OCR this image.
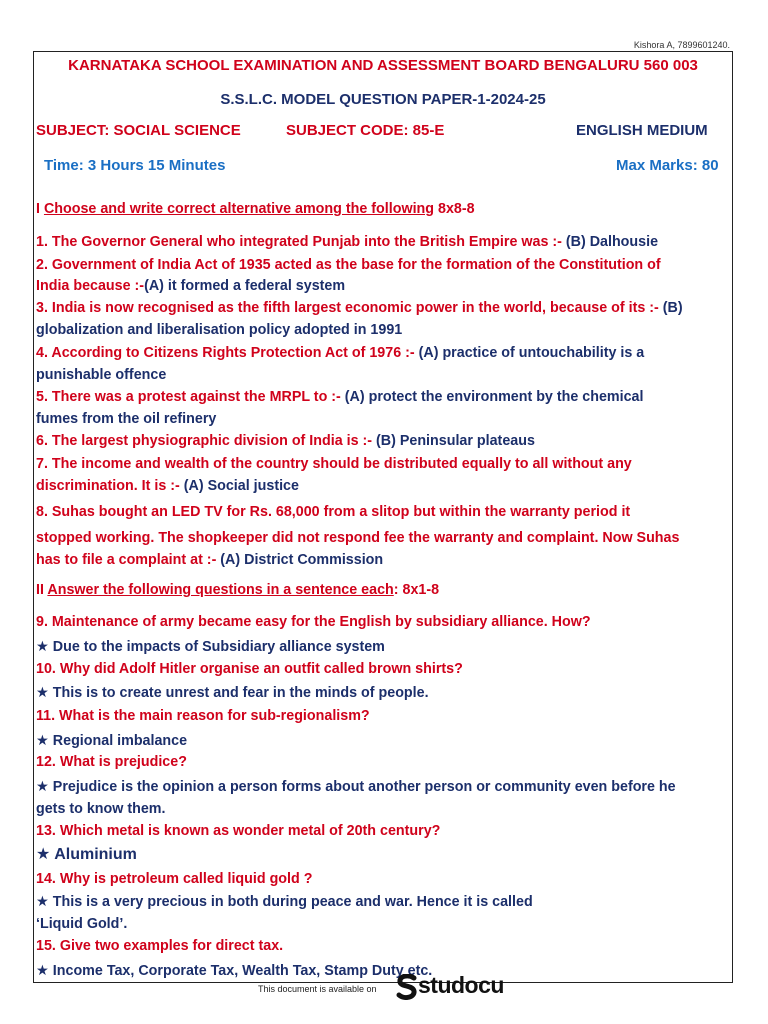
Kishora A, 7899601240.
KARNATAKA SCHOOL EXAMINATION AND ASSESSMENT BOARD BENGALURU 560 003
S.S.L.C. MODEL QUESTION PAPER-1-2024-25
SUBJECT: SOCIAL SCIENCE	SUBJECT CODE: 85-E	ENGLISH MEDIUM
Time: 3 Hours 15 Minutes	Max Marks: 80
I Choose and write correct alternative among the following 8x8-8
1. The Governor General who integrated Punjab into the British Empire was :- (B) Dalhousie
2. Government of India Act of 1935 acted as the base for the formation of the Constitution of
India because :-(A) it formed a federal system
3. India is now recognised as the fifth largest economic power in the world, because of its :- (B)
globalization and liberalisation policy adopted in 1991
4. According to Citizens Rights Protection Act of 1976 :- (A) practice of untouchability is a
punishable offence
5. There was a protest against the MRPL to :- (A) protect the environment by the chemical
fumes from the oil refinery
6. The largest physiographic division of India is :- (B) Peninsular plateaus
7. The income and wealth of the country should be distributed equally to all without any
discrimination. It is :- (A) Social justice
8. Suhas bought an LED TV for Rs. 68,000 from a slitop but within the warranty period it
stopped working. The shopkeeper did not respond fee the warranty and complaint. Now Suhas
has to file a complaint at :- (A) District Commission
II Answer the following questions in a sentence each: 8x1-8
9. Maintenance of army became easy for the English by subsidiary alliance. How?
★ Due to the impacts of Subsidiary alliance system
10. Why did Adolf Hitler organise an outfit called brown shirts?
★ This is to create unrest and fear in the minds of people.
11. What is the main reason for sub-regionalism?
★ Regional imbalance
12. What is prejudice?
★ Prejudice is the opinion a person forms about another person or community even before he
gets to know them.
13. Which metal is known as wonder metal of 20th century?
★ Aluminium
14. Why is petroleum called liquid gold ?
★ This is a very precious in both during peace and war. Hence it is called
‘Liquid Gold’.
15. Give two examples for direct tax.
★ Income Tax, Corporate Tax, Wealth Tax, Stamp Duty etc.
This document is available on studocu
